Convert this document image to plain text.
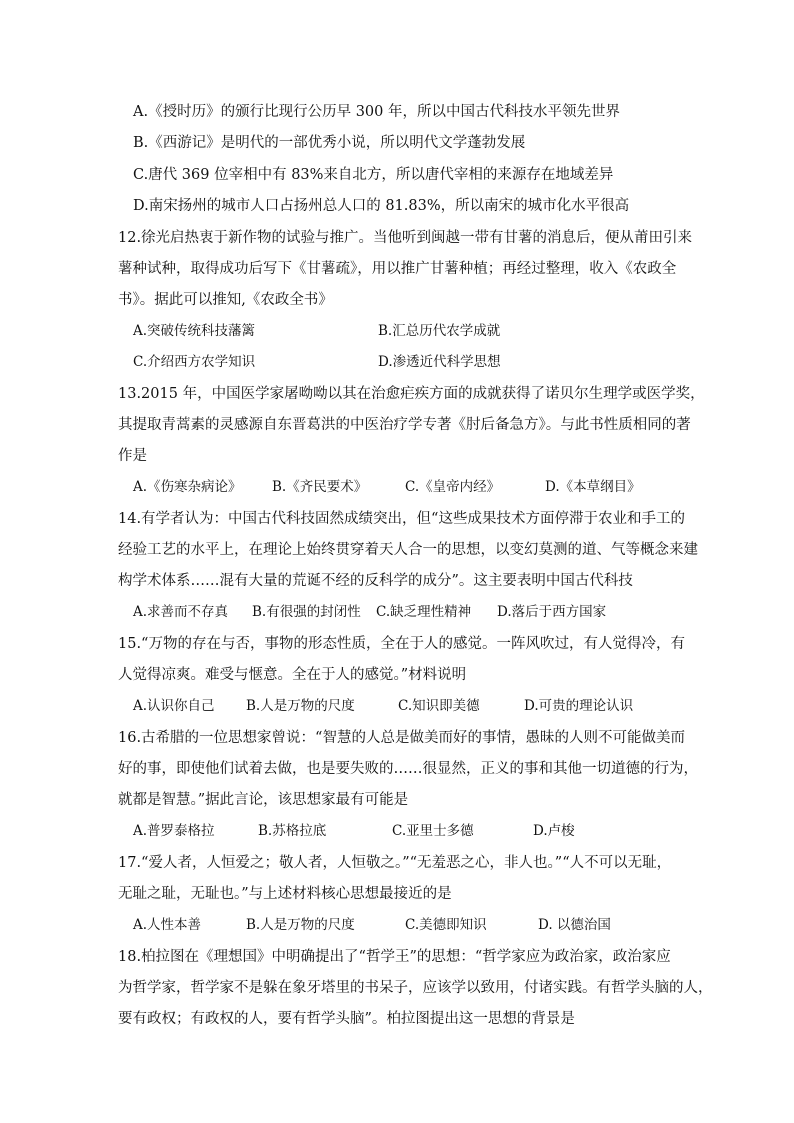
A.《授时历》的颁行比现行公历早 300 年，所以中国古代科技水平领先世界
B.《西游记》是明代的一部优秀小说，所以明代文学蓬勃发展
C.唐代 369 位宰相中有 83%来自北方，所以唐代宰相的来源存在地域差异
D.南宋扬州的城市人口占扬州总人口的 81.83%，所以南宋的城市化水平很高
12.徐光启热衷于新作物的试验与推广。当他听到闽越一带有甘薯的消息后，便从莆田引来
薯种试种，取得成功后写下《甘薯疏》，用以推广甘薯种植；再经过整理，收入《农政全
书》。据此可以推知,《农政全书》
A.突破传统科技藩篱	B.汇总历代农学成就
C.介绍西方农学知识	D.渗透近代科学思想
13.2015 年，中国医学家屠呦呦以其在治愈疟疾方面的成就获得了诺贝尔生理学或医学奖，
其提取青蒿素的灵感源自东晋葛洪的中医治疗学专著《肘后备急方》。与此书性质相同的著
作是
A.《伤寒杂病论》 B.《齐民要术》	C.《皇帝内经》	D.《本草纲目》
14.有学者认为：中国古代科技固然成绩突出，但“这些成果技术方面停滞于农业和手工的
经验工艺的水平上，在理论上始终贯穿着天人合一的思想，以变幻莫测的道、气等概念来建
构学术体系……混有大量的荒诞不经的反科学的成分”。这主要表明中国古代科技
A.求善而不存真 B.有很强的封闭性 C.缺乏理性精神 D.落后于西方国家
15.“万物的存在与否，事物的形态性质，全在于人的感觉。一阵风吹过，有人觉得冷，有
人觉得凉爽。难受与惬意。全在于人的感觉。”材料说明
A.认识你自己 B.人是万物的尺度	C.知识即美德	D.可贵的理论认识
16.古希腊的一位思想家曾说：“智慧的人总是做美而好的事情，愚昧的人则不可能做美而
好的事，即使他们试着去做，也是要失败的……很显然，正义的事和其他一切道德的行为，
就都是智慧。”据此言论，该思想家最有可能是
A.普罗泰格拉	B.苏格拉底	C.亚里士多德	D.卢梭
17.“爱人者，人恒爱之；敬人者，人恒敬之。”“无羞恶之心，非人也。”“人不可以无耻，
无耻之耻，无耻也。”与上述材料核心思想最接近的是
A.人性本善	B.人是万物的尺度	C.美德即知识	D. 以德治国
18.柏拉图在《理想国》中明确提出了“哲学王”的思想：“哲学家应为政治家，政治家应
为哲学家，哲学家不是躲在象牙塔里的书呆子，应该学以致用，付诸实践。有哲学头脑的人，
要有政权；有政权的人，要有哲学头脑”。柏拉图提出这一思想的背景是
